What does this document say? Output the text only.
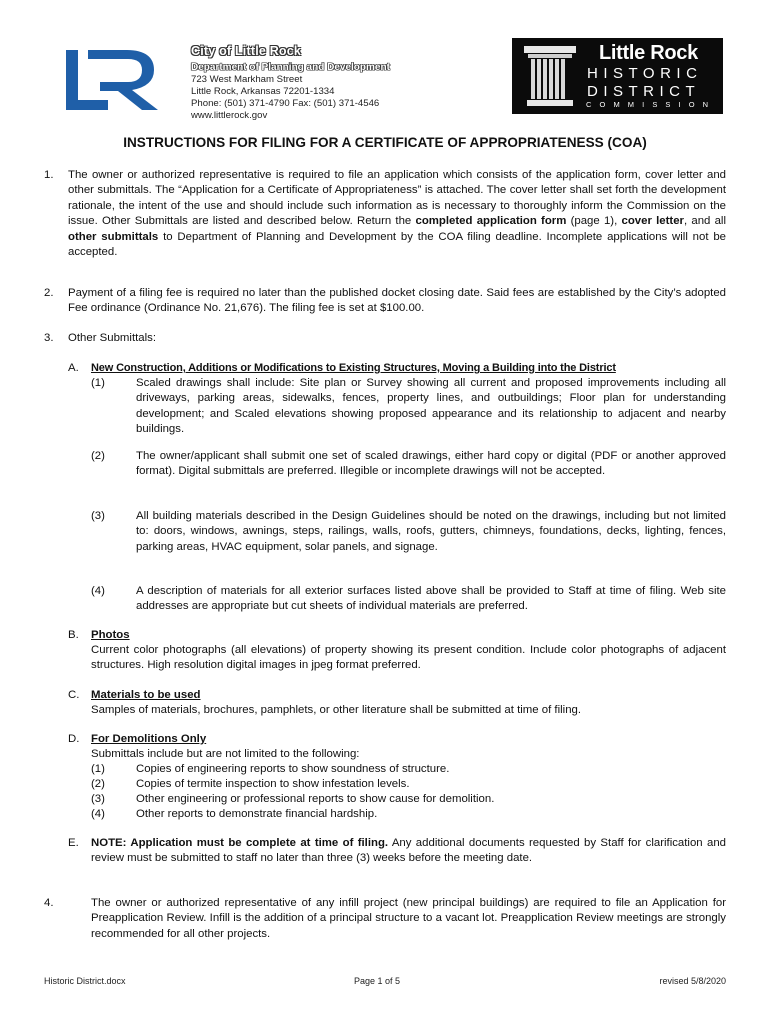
City of Little Rock
Department of Planning and Development
723 West Markham Street
Little Rock, Arkansas 72201-1334
Phone: (501) 371-4790 Fax: (501) 371-4546
www.littlerock.gov
Little Rock
HISTORIC
DISTRICT
COMMISSION
INSTRUCTIONS FOR FILING FOR A CERTIFICATE OF APPROPRIATENESS (COA)
1. The owner or authorized representative is required to file an application which consists of the application form, cover letter and other submittals. The “Application for a Certificate of Appropriateness” is attached. The cover letter shall set forth the development rationale, the intent of the use and should include such information as is necessary to thoroughly inform the Commission on the issue. Other Submittals are listed and described below. Return the completed application form (page 1), cover letter, and all other submittals to Department of Planning and Development by the COA filing deadline. Incomplete applications will not be accepted.
2. Payment of a filing fee is required no later than the published docket closing date. Said fees are established by the City’s adopted Fee ordinance (Ordinance No. 21,676). The filing fee is set at $100.00.
3. Other Submittals:
A. New Construction, Additions or Modifications to Existing Structures, Moving a Building into the District
(1)	Scaled drawings shall include: Site plan or Survey showing all current and proposed improvements including all driveways, parking areas, sidewalks, fences, property lines, and outbuildings; Floor plan for understanding development; and Scaled elevations showing proposed appearance and its relationship to adjacent and nearby buildings.
(2)	The owner/applicant shall submit one set of scaled drawings, either hard copy or digital (PDF or another approved format). Digital submittals are preferred. Illegible or incomplete drawings will not be accepted.
(3)	All building materials described in the Design Guidelines should be noted on the drawings, including but not limited to: doors, windows, awnings, steps, railings, walls, roofs, gutters, chimneys, foundations, decks, lighting, fences, parking areas, HVAC equipment, solar panels, and signage.
(4)	A description of materials for all exterior surfaces listed above shall be provided to Staff at time of filing. Web site addresses are appropriate but cut sheets of individual materials are preferred.
B. Photos
Current color photographs (all elevations) of property showing its present condition. Include color photographs of adjacent structures. High resolution digital images in jpeg format preferred.
C. Materials to be used
Samples of materials, brochures, pamphlets, or other literature shall be submitted at time of filing.
D. For Demolitions Only
Submittals include but are not limited to the following:
(1)	Copies of engineering reports to show soundness of structure.
(2)	Copies of termite inspection to show infestation levels.
(3)	Other engineering or professional reports to show cause for demolition.
(4)	Other reports to demonstrate financial hardship.
E. NOTE: Application must be complete at time of filing. Any additional documents requested by Staff for clarification and review must be submitted to staff no later than three (3) weeks before the meeting date.
4.	The owner or authorized representative of any infill project (new principal buildings) are required to file an Application for Preapplication Review. Infill is the addition of a principal structure to a vacant lot. Preapplication Review meetings are strongly recommended for all other projects.
Historic District.docx	Page 1 of 5	revised 5/8/2020
